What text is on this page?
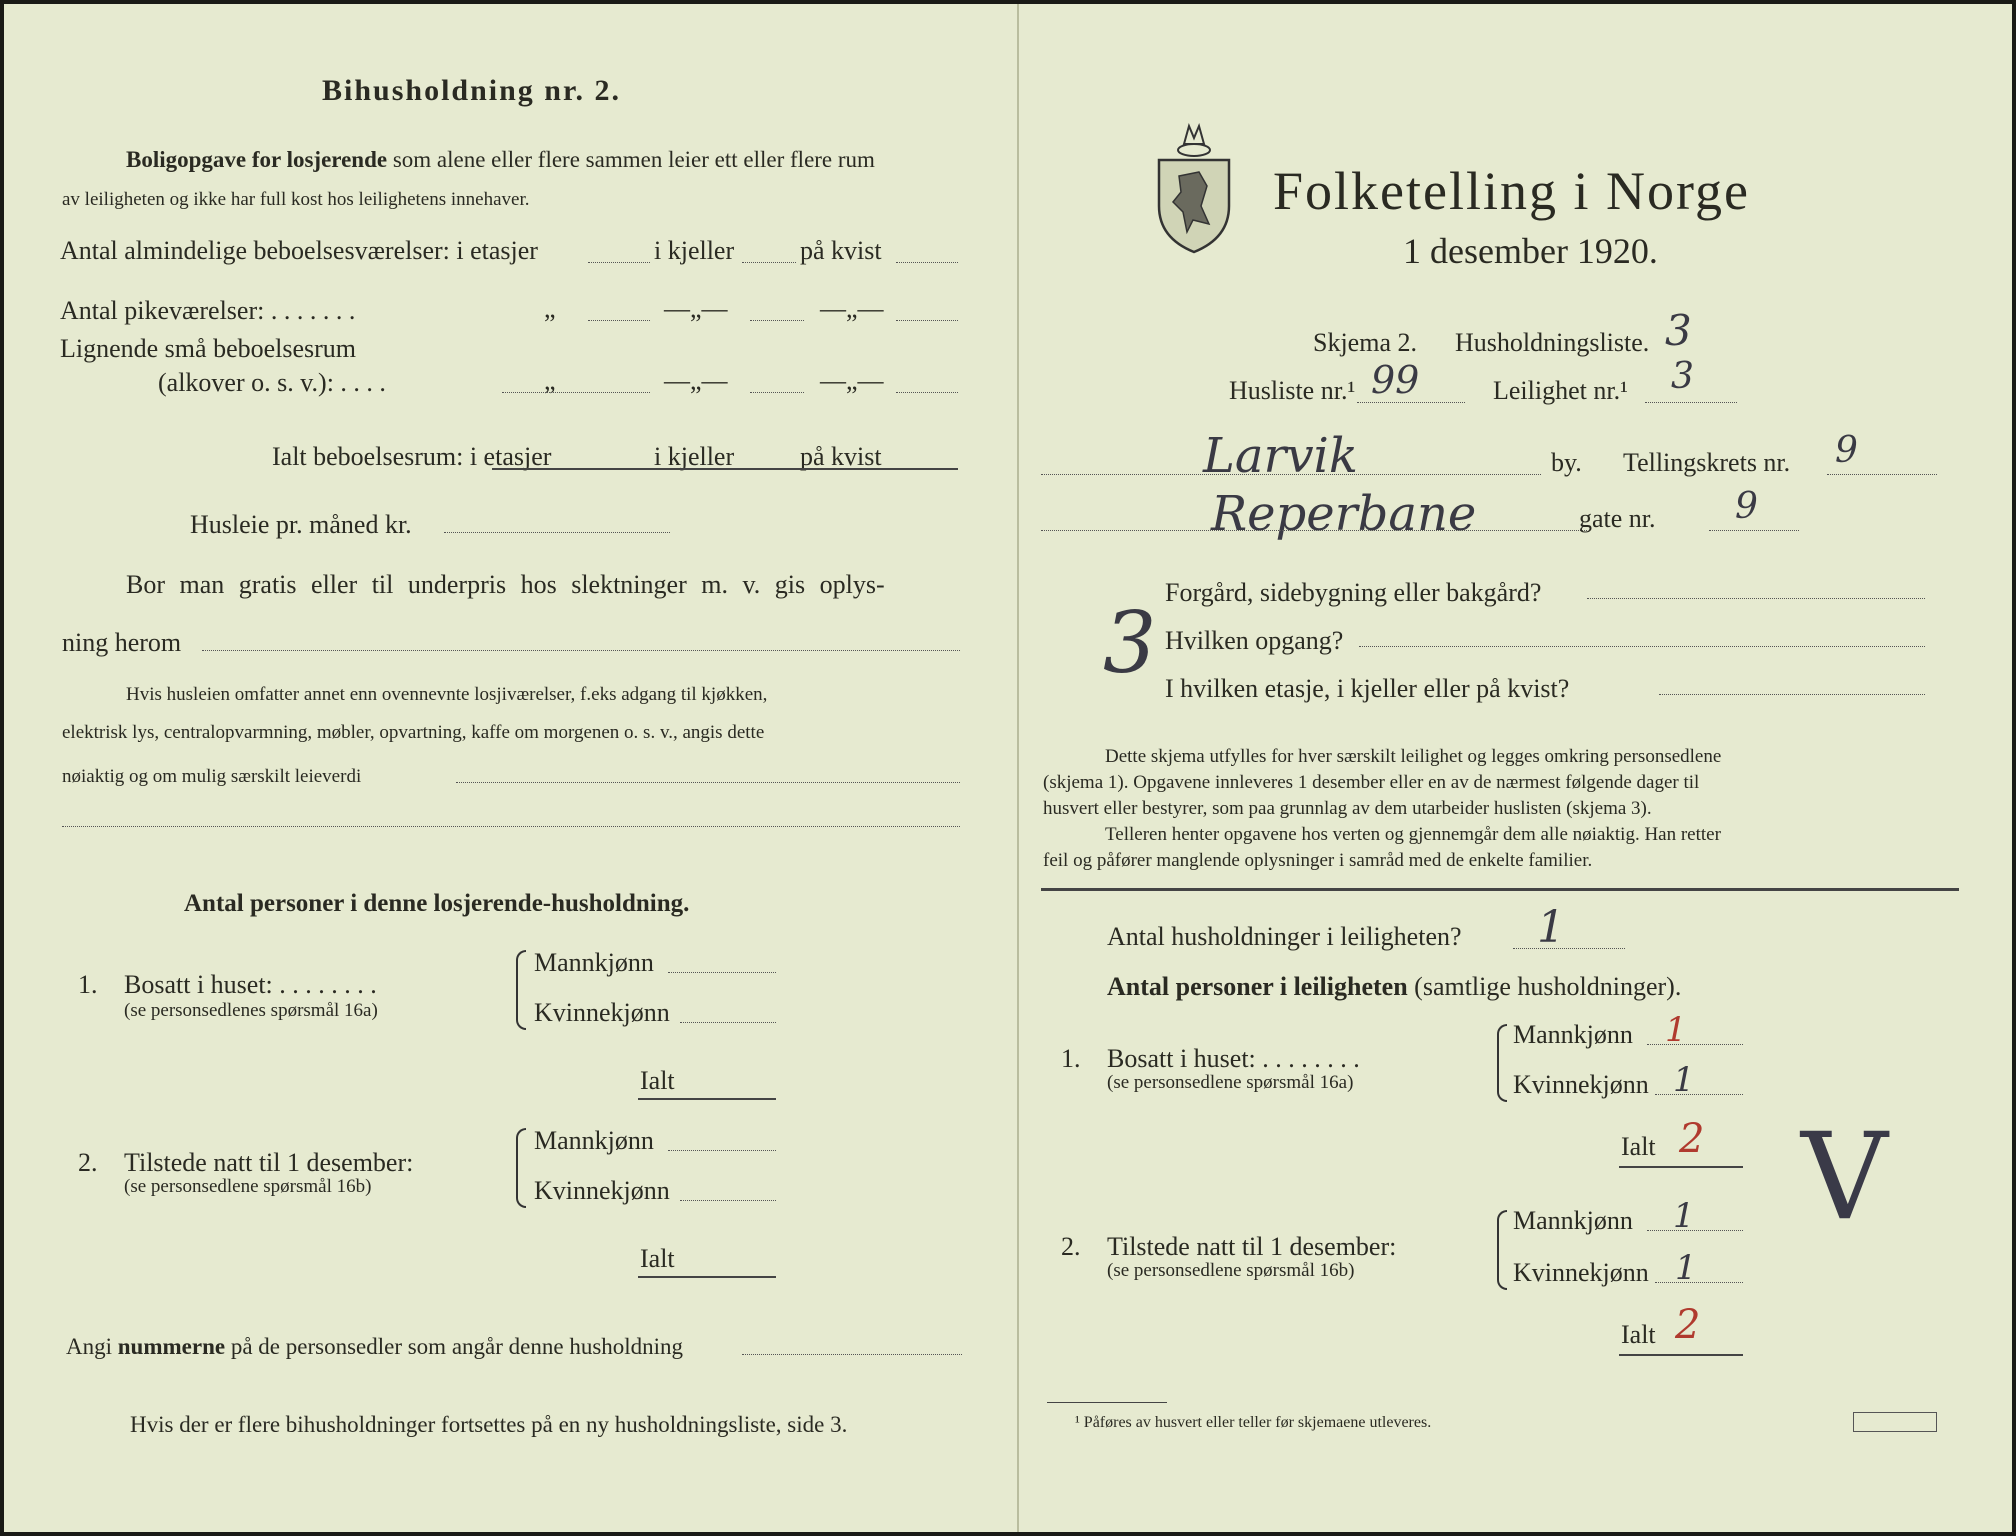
Bihusholdning nr. 2.
Boligopgave for losjerende som alene eller flere sammen leier ett eller flere rum
av leiligheten og ikke har full kost hos leilighetens innehaver.
Antal almindelige beboelsesværelser: i etasjer	i kjeller	på kvist
Antal pikeværelser: . . . . . . .	„	—„—	—„—
Lignende små beboelsesrum
(alkover o. s. v.): . . . .	„	—„—	—„—
Ialt beboelsesrum: i etasjer	i kjeller	på kvist
Husleie pr. måned kr.
Bor man gratis eller til underpris hos slektninger m. v. gis oplys-
ning herom
Hvis husleien omfatter annet enn ovennevnte losjiværelser, f.eks adgang til kjøkken,
elektrisk lys, centralopvarmning, møbler, opvartning, kaffe om morgenen o. s. v., angis dette
nøiaktig og om mulig særskilt leieverdi
Antal personer i denne losjerende-husholdning.
1. Bosatt i huset: . . . . . . . .
(se personsedlenes spørsmål 16a)
Mannkjønn
Kvinnekjønn
Ialt
2. Tilstede natt til 1 desember:
(se personsedlene spørsmål 16b)
Mannkjønn
Kvinnekjønn
Ialt
Angi nummerne på de personsedler som angår denne husholdning
Hvis der er flere bihusholdninger fortsettes på en ny husholdningsliste, side 3.
Folketelling i Norge
1 desember 1920.
Skjema 2. Husholdningsliste. 3
Husliste nr.¹ 99	Leilighet nr.¹ 3
Larvik	by. Tellingskrets nr. 9
Reperbane	gate nr. 9
3
Forgård, sidebygning eller bakgård?
Hvilken opgang?
I hvilken etasje, i kjeller eller på kvist?
Dette skjema utfylles for hver særskilt leilighet og legges omkring personsedlene
(skjema 1). Opgavene innleveres 1 desember eller en av de nærmest følgende dager til
husvert eller bestyrer, som paa grunnlag av dem utarbeider huslisten (skjema 3).
Telleren henter opgavene hos verten og gjennemgår dem alle nøiaktig. Han retter
feil og påfører manglende oplysninger i samråd med de enkelte familier.
Antal husholdninger i leiligheten? 1
Antal personer i leiligheten (samtlige husholdninger).
1. Bosatt i huset: . . . . . . . .
(se personsedlene spørsmål 16a)
Mannkjønn 1
Kvinnekjønn 1
Ialt 2 V
2. Tilstede natt til 1 desember:
(se personsedlene spørsmål 16b)
Mannkjønn 1
Kvinnekjønn 1
Ialt 2
¹ Påføres av husvert eller teller før skjemaene utleveres.
